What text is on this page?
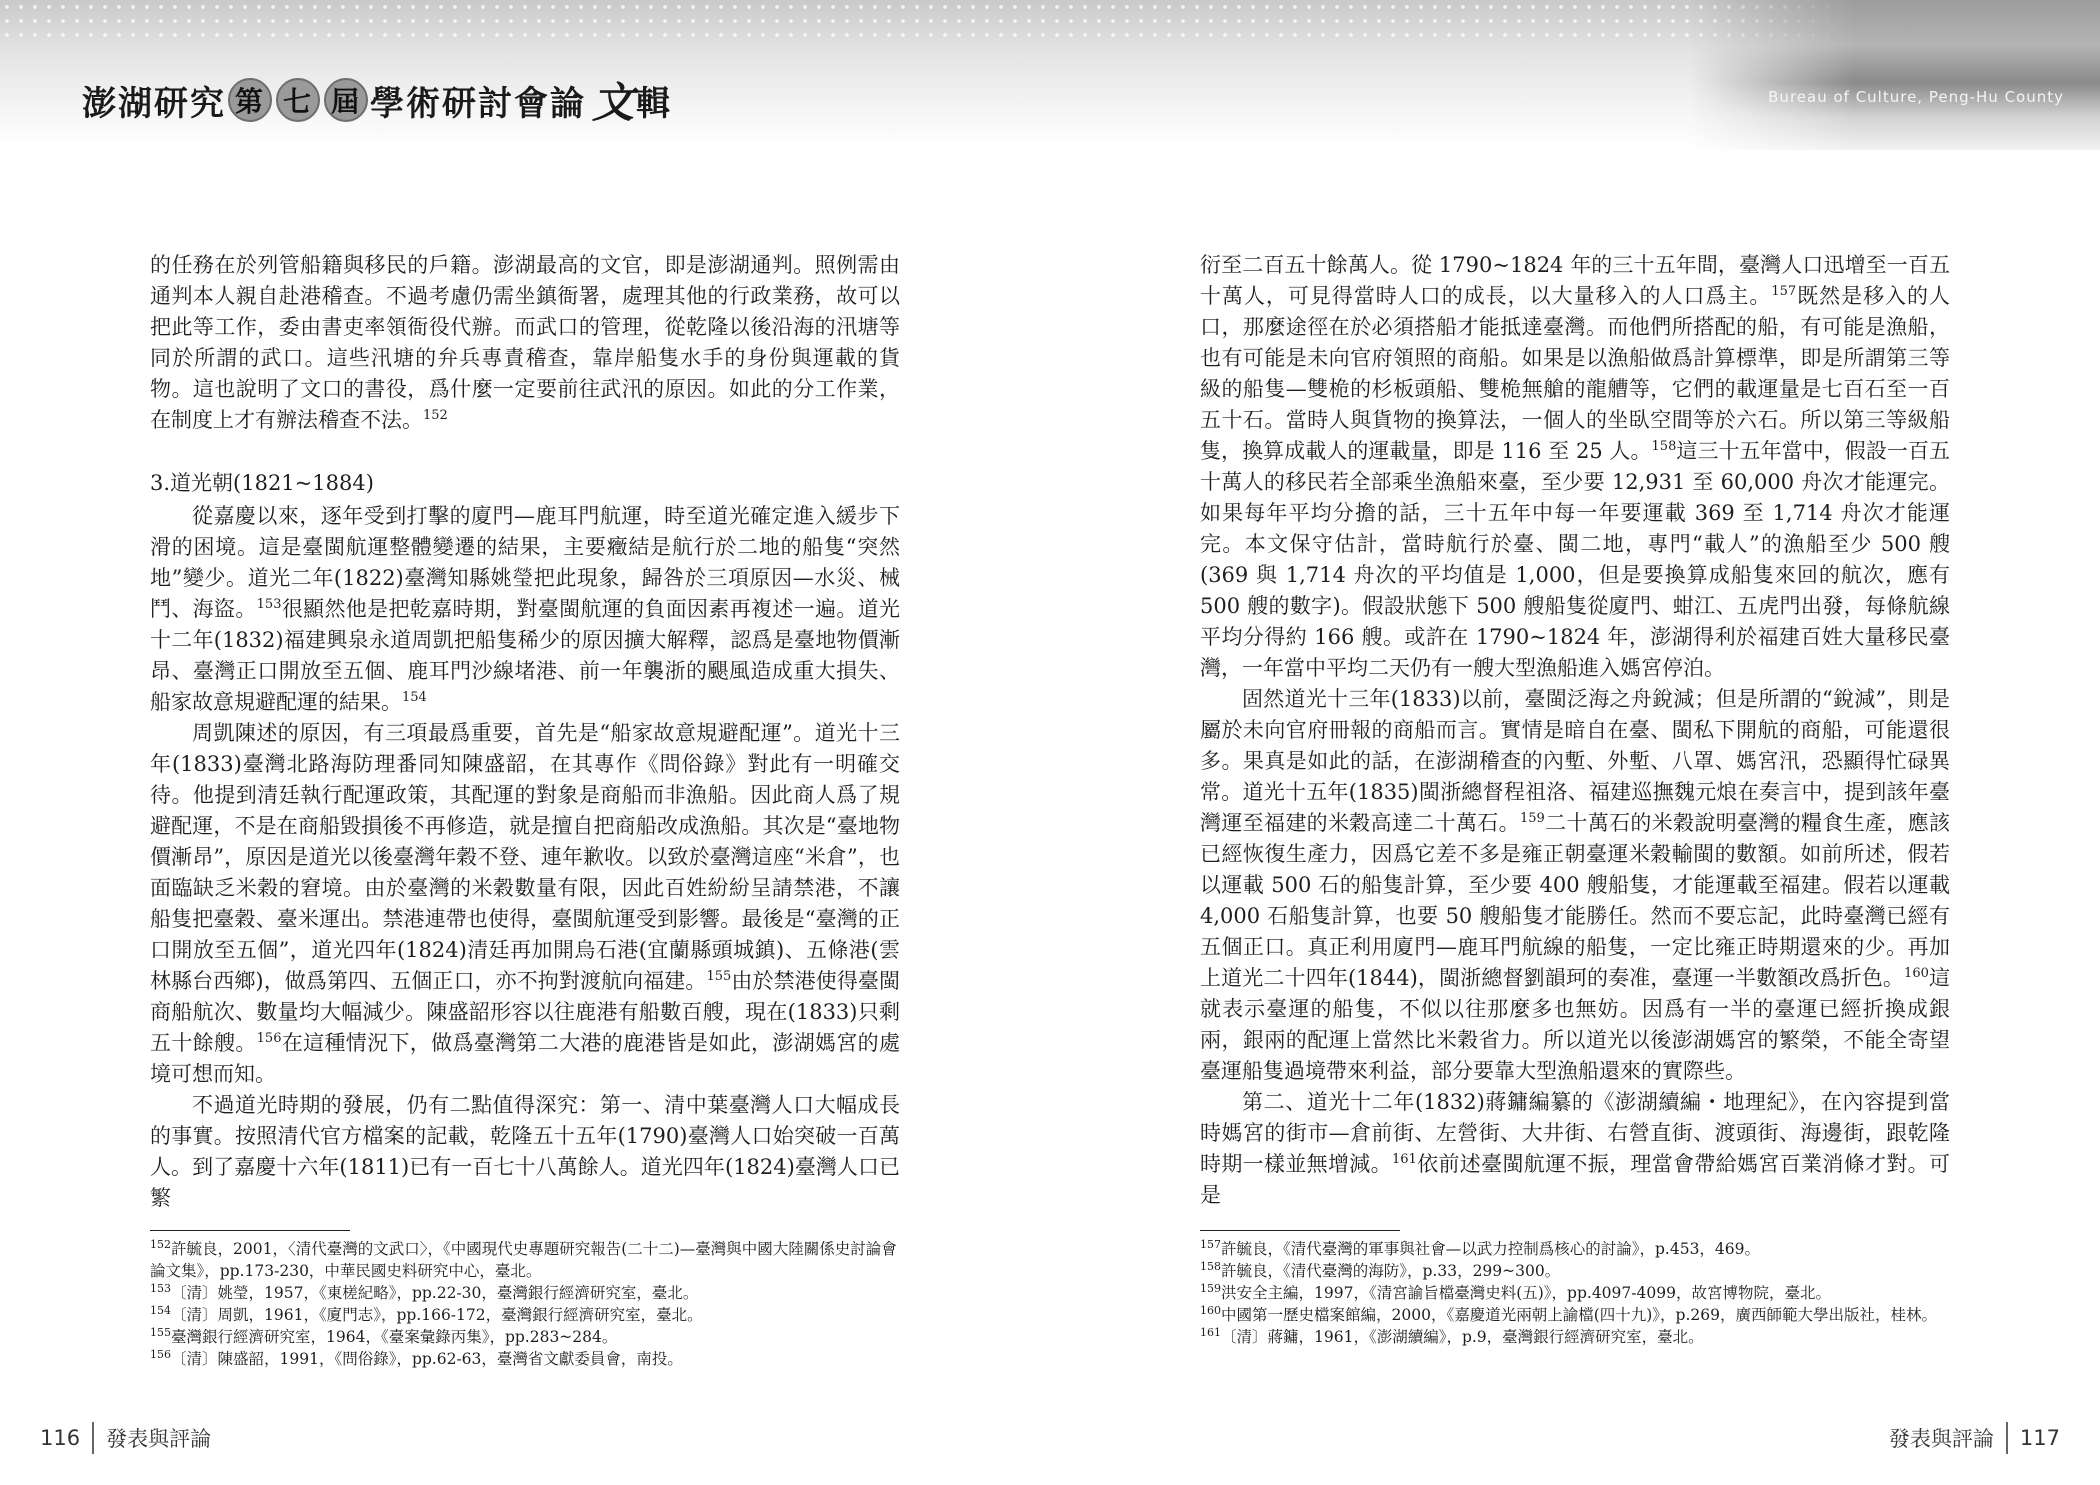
澎湖研究 第 七 屆 學術研討會論 文 輯	Bureau of Culture, Peng-Hu County

的任務在於列管船籍與移民的戶籍。澎湖最高的文官，即是澎湖通判。照例需由通判本人親自赴港稽查。不過考慮仍需坐鎮衙署，處理其他的行政業務，故可以把此等工作，委由書吏率領衙役代辦。而武口的管理，從乾隆以後沿海的汛塘等同於所謂的武口。這些汛塘的弁兵專責稽查，靠岸船隻水手的身份與運載的貨物。這也說明了文口的書役，爲什麼一定要前往武汛的原因。如此的分工作業，在制度上才有辦法稽查不法。$^{152}$

3.道光朝(1821~1884)

從嘉慶以來，逐年受到打擊的廈門—鹿耳門航運，時至道光確定進入緩步下滑的困境。這是臺閩航運整體變遷的結果，主要癥結是航行於二地的船隻“突然地”變少。道光二年(1822)臺灣知縣姚瑩把此現象，歸咎於三項原因—水災、械鬥、海盜。$^{153}$很顯然他是把乾嘉時期，對臺閩航運的負面因素再複述一遍。道光十二年(1832)福建興泉永道周凱把船隻稀少的原因擴大解釋，認爲是臺地物價漸昂、臺灣正口開放至五個、鹿耳門沙線堵港、前一年襲浙的颶風造成重大損失、船家故意規避配運的結果。$^{154}$

周凱陳述的原因，有三項最爲重要，首先是“船家故意規避配運”。道光十三年(1833)臺灣北路海防理番同知陳盛韶，在其專作《問俗錄》對此有一明確交待。他提到清廷執行配運政策，其配運的對象是商船而非漁船。因此商人爲了規避配運，不是在商船毀損後不再修造，就是擅自把商船改成漁船。其次是“臺地物價漸昂”，原因是道光以後臺灣年穀不登、連年歉收。以致於臺灣這座“米倉”，也面臨缺乏米穀的窘境。由於臺灣的米穀數量有限，因此百姓紛紛呈請禁港，不讓船隻把臺穀、臺米運出。禁港連帶也使得，臺閩航運受到影響。最後是“臺灣的正口開放至五個”，道光四年(1824)清廷再加開烏石港(宜蘭縣頭城鎮)、五條港(雲林縣台西鄉)，做爲第四、五個正口，亦不拘對渡航向福建。$^{155}$由於禁港使得臺閩商船航次、數量均大幅減少。陳盛韶形容以往鹿港有船數百艘，現在(1833)只剩五十餘艘。$^{156}$在這種情況下，做爲臺灣第二大港的鹿港皆是如此，澎湖媽宮的處境可想而知。

不過道光時期的發展，仍有二點值得深究：第一、清中葉臺灣人口大幅成長的事實。按照清代官方檔案的記載，乾隆五十五年(1790)臺灣人口始突破一百萬人。到了嘉慶十六年(1811)已有一百七十八萬餘人。道光四年(1824)臺灣人口已繁

$^{152}$許毓良，2001，〈清代臺灣的文武口〉，《中國現代史專題研究報告(二十二)—臺灣與中國大陸關係史討論會論文集》，pp.173-230，中華民國史料研究中心，臺北。

$^{153}$〔清〕姚瑩，1957，《東槎紀略》，pp.22-30，臺灣銀行經濟研究室，臺北。

$^{154}$〔清〕周凱，1961，《廈門志》，pp.166-172，臺灣銀行經濟研究室，臺北。

$^{155}$臺灣銀行經濟研究室，1964，《臺案彙錄丙集》，pp.283~284。

$^{156}$〔清〕陳盛韶，1991，《問俗錄》，pp.62-63，臺灣省文獻委員會，南投。

衍至二百五十餘萬人。從 1790~1824 年的三十五年間，臺灣人口迅增至一百五十萬人，可見得當時人口的成長，以大量移入的人口爲主。$^{157}$既然是移入的人口，那麼途徑在於必須搭船才能抵達臺灣。而他們所搭配的船，有可能是漁船，也有可能是未向官府領照的商船。如果是以漁船做爲計算標準，即是所謂第三等級的船隻—雙桅的杉板頭船、雙桅無艙的龍艚等，它們的載運量是七百石至一百五十石。當時人與貨物的換算法，一個人的坐臥空間等於六石。所以第三等級船隻，換算成載人的運載量，即是 116 至 25 人。$^{158}$這三十五年當中，假設一百五十萬人的移民若全部乘坐漁船來臺，至少要 12,931 至 60,000 舟次才能運完。如果每年平均分擔的話，三十五年中每一年要運載 369 至 1,714 舟次才能運完。本文保守估計，當時航行於臺、閩二地，專門“載人”的漁船至少 500 艘(369 與 1,714 舟次的平均值是 1,000，但是要換算成船隻來回的航次，應有 500 艘的數字)。假設狀態下 500 艘船隻從廈門、蚶江、五虎門出發，每條航線平均分得約 166 艘。或許在 1790~1824 年，澎湖得利於福建百姓大量移民臺灣，一年當中平均二天仍有一艘大型漁船進入媽宮停泊。

固然道光十三年(1833)以前，臺閩泛海之舟銳減；但是所謂的“銳減”，則是屬於未向官府冊報的商船而言。實情是暗自在臺、閩私下開航的商船，可能還很多。果真是如此的話，在澎湖稽查的內塹、外塹、八罩、媽宮汛，恐顯得忙碌異常。道光十五年(1835)閩浙總督程祖洛、福建巡撫魏元烺在奏言中，提到該年臺灣運至福建的米穀高達二十萬石。$^{159}$二十萬石的米穀說明臺灣的糧食生產，應該已經恢復生產力，因爲它差不多是雍正朝臺運米穀輸閩的數額。如前所述，假若以運載 500 石的船隻計算，至少要 400 艘船隻，才能運載至福建。假若以運載 4,000 石船隻計算，也要 50 艘船隻才能勝任。然而不要忘記，此時臺灣已經有五個正口。真正利用廈門—鹿耳門航線的船隻，一定比雍正時期還來的少。再加上道光二十四年(1844)，閩浙總督劉韻珂的奏准，臺運一半數額改爲折色。$^{160}$這就表示臺運的船隻，不似以往那麼多也無妨。因爲有一半的臺運已經折換成銀兩，銀兩的配運上當然比米穀省力。所以道光以後澎湖媽宮的繁榮，不能全寄望臺運船隻過境帶來利益，部分要靠大型漁船還來的實際些。

第二、道光十二年(1832)蔣鏞編纂的《澎湖續編・地理紀》，在內容提到當時媽宮的街市—倉前街、左營街、大井街、右營直街、渡頭街、海邊街，跟乾隆時期一樣並無增減。$^{161}$依前述臺閩航運不振，理當會帶給媽宮百業消條才對。可是

$^{157}$許毓良，《清代臺灣的軍事與社會—以武力控制爲核心的討論》，p.453，469。

$^{158}$許毓良，《清代臺灣的海防》，p.33，299~300。

$^{159}$洪安全主編，1997，《清宮諭旨檔臺灣史料(五)》，pp.4097-4099，故宮博物院，臺北。

$^{160}$中國第一歷史檔案館編，2000，《嘉慶道光兩朝上諭檔(四十九)》，p.269，廣西師範大學出版社，桂林。

$^{161}$〔清〕蔣鏞，1961，《澎湖續編》，p.9，臺灣銀行經濟研究室，臺北。

116 發表與評論	發表與評論 117
